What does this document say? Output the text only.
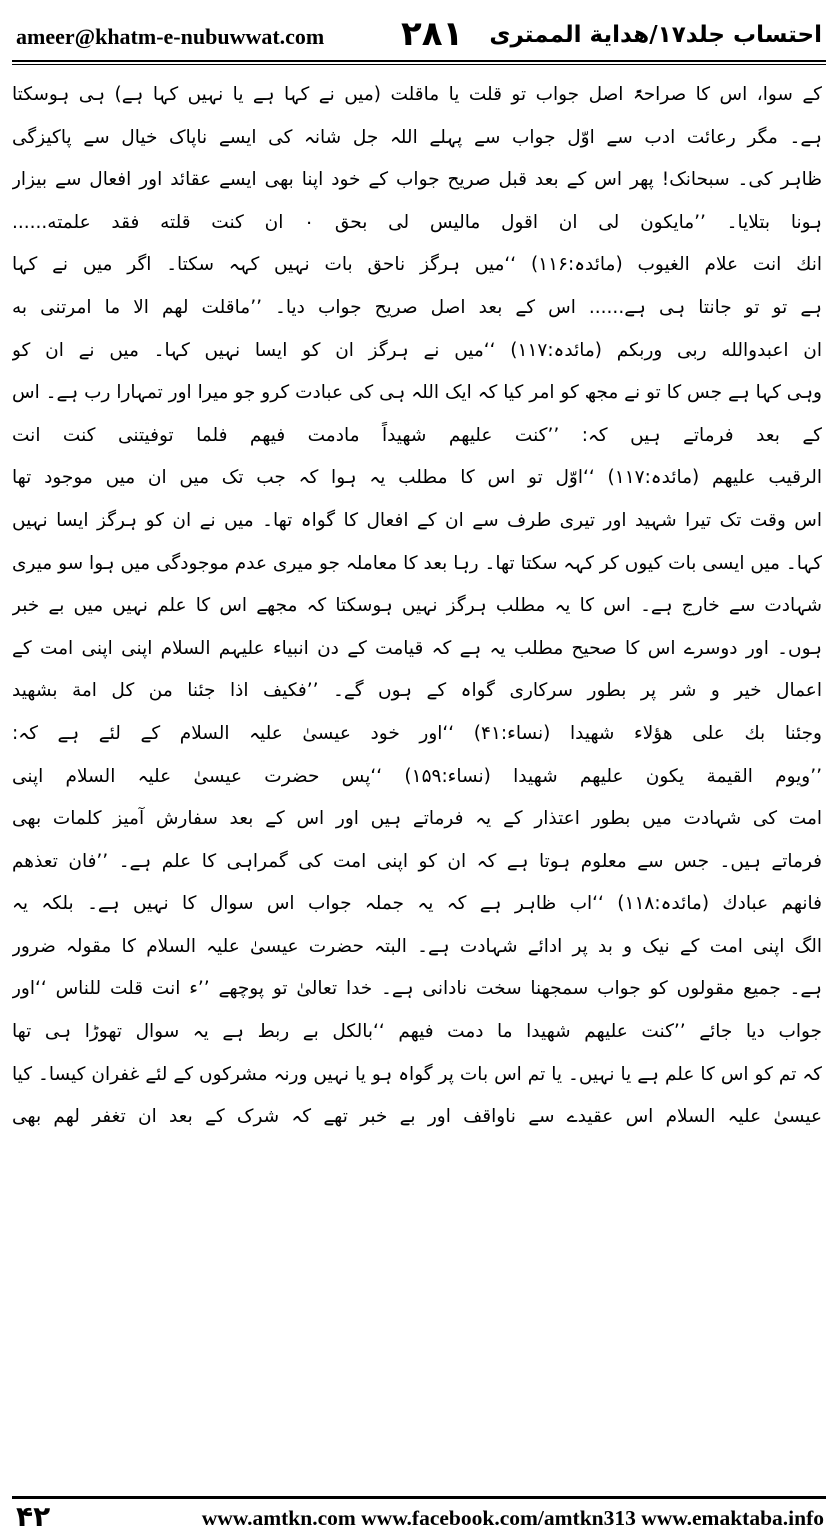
ameer@khatm-e-nubuwwat.com ۲۸۱ احتساب جلد۱۷/هداية الممترى
کے سوا، اس کا صراحۃً اصل جواب تو قلت یا ماقلت (میں نے کہا ہے یا نہیں کہا ہے) ہی ہوسکتا
ہے۔ مگر رعائت ادب سے اوّل جواب سے پہلے اللہ جل شانہ کی ایسے ناپاک خیال سے پاکیزگی
ظاہر کی۔ سبحانک! پھر اس کے بعد قبل صریح جواب کے خود اپنا بھی ایسے عقائد اور افعال سے بیزار
ہونا بتلایا۔ ’’مایکون لی ان اقول مالیس لی بحق ۰ ان کنت قلته فقد علمته......
انك انت علام الغيوب (مائدہ:۱۱۶) ‘‘میں ہرگز ناحق بات نہیں کہہ سکتا۔ اگر میں نے کہا
ہے تو تو جانتا ہی ہے...... اس کے بعد اصل صریح جواب دیا۔ ’’ماقلت لهم الا ما امرتنى به
ان اعبدوالله ربى وربكم (مائدہ:۱۱۷) ‘‘میں نے ہرگز ان کو ایسا نہیں کہا۔ میں نے ان کو
وہی کہا ہے جس کا تو نے مجھ کو امر کیا کہ ایک اللہ ہی کی عبادت کرو جو میرا اور تمہارا رب ہے۔ اس
کے بعد فرماتے ہیں کہ: ’’کنت عليهم شهيداً مادمت فيهم فلما توفيتنى كنت انت
الرقيب عليهم (مائدہ:۱۱۷) ‘‘اوّل تو اس کا مطلب یہ ہوا کہ جب تک میں ان میں موجود تھا
اس وقت تک تیرا شہید اور تیری طرف سے ان کے افعال کا گواہ تھا۔ میں نے ان کو ہرگز ایسا نہیں
کہا۔ میں ایسی بات کیوں کر کہہ سکتا تھا۔ رہا بعد کا معاملہ جو میری عدم موجودگی میں ہوا سو میری
شہادت سے خارج ہے۔ اس کا یہ مطلب ہرگز نہیں ہوسکتا کہ مجھے اس کا علم نہیں میں بے خبر
ہوں۔ اور دوسرے اس کا صحیح مطلب یہ ہے کہ قیامت کے دن انبیاء علیہم السلام اپنی اپنی امت کے
اعمال خیر و شر پر بطور سرکاری گواہ کے ہوں گے۔ ’’فكيف اذا جئنا من كل امة بشهيد
وجئنا بك على هؤلاء شهيدا (نساء:۴۱) ‘‘اور خود عیسیٰ علیہ السلام کے لئے ہے کہ:
’’ويوم القيمة يكون عليهم شهيدا (نساء:۱۵۹) ‘‘پس حضرت عیسیٰ علیہ السلام اپنی
امت کی شہادت میں بطور اعتذار کے یہ فرماتے ہیں اور اس کے بعد سفارش آمیز کلمات بھی
فرماتے ہیں۔ جس سے معلوم ہوتا ہے کہ ان کو اپنی امت کی گمراہی کا علم ہے۔ ’’فان تعذهم
فانهم عبادك (مائدہ:۱۱۸) ‘‘اب ظاہر ہے کہ یہ جملہ جواب اس سوال کا نہیں ہے۔ بلکہ یہ
الگ اپنی امت کے نیک و بد پر ادائے شہادت ہے۔ البتہ حضرت عیسیٰ علیہ السلام کا مقولہ ضرور
ہے۔ جمیع مقولوں کو جواب سمجھنا سخت نادانی ہے۔ خدا تعالیٰ تو پوچھے ’’ء انت قلت للناس ‘‘اور
جواب دیا جائے ’’کنت عليهم شهيدا ما دمت فيهم ‘‘بالکل بے ربط ہے یہ سوال تھوڑا ہی تھا
کہ تم کو اس کا علم ہے یا نہیں۔ یا تم اس بات پر گواہ ہو یا نہیں ورنہ مشرکوں کے لئے غفران کیسا۔ کیا
عیسیٰ علیہ السلام اس عقیدے سے ناواقف اور بے خبر تھے کہ شرک کے بعد ان تغفر لهم بھی
۴۲	www.amtkn.com www.facebook.com/amtkn313 www.emaktaba.info
